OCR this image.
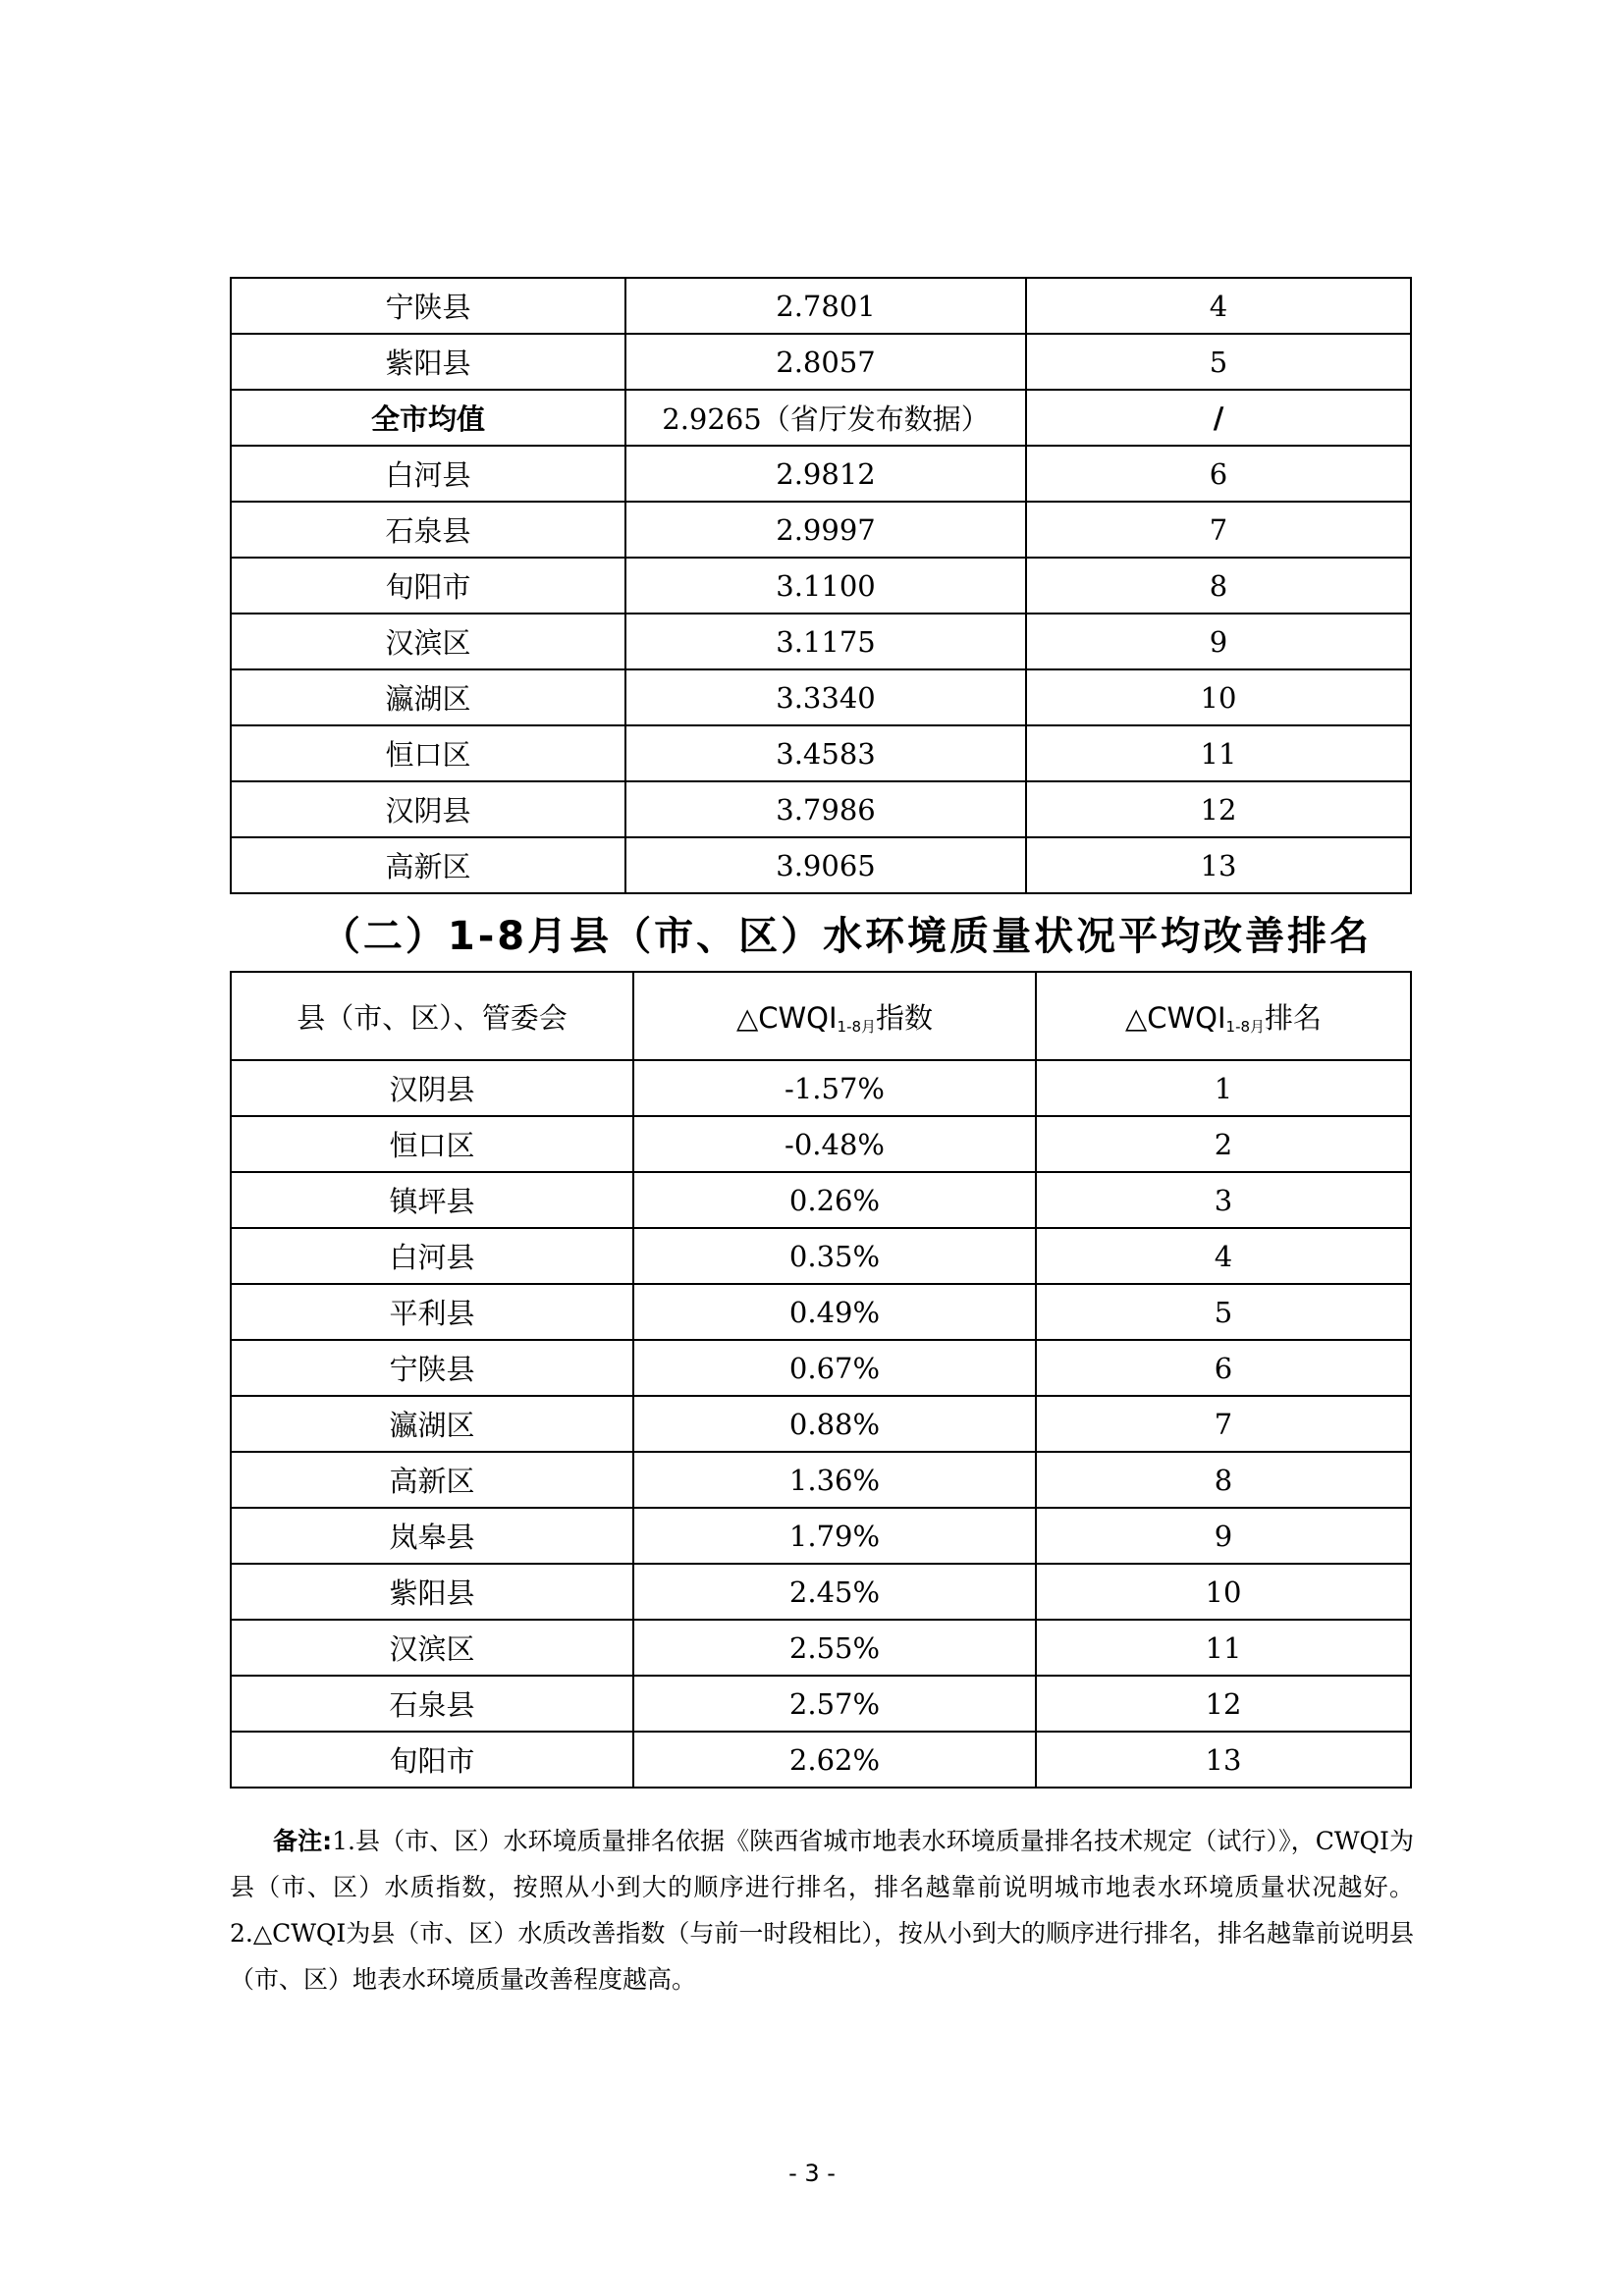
宁陕县	2.7801	4
紫阳县	2.8057	5
全市均值	2.9265（省厅发布数据）	/
白河县	2.9812	6
石泉县	2.9997	7
旬阳市	3.1100	8
汉滨区	3.1175	9
瀛湖区	3.3340	10
恒口区	3.4583	11
汉阴县	3.7986	12
高新区	3.9065	13
（二）1-8月县（市、区）水环境质量状况平均改善排名
县（市、区）、管委会	$\triangle CWQI_{1-8月}$指数	$\triangle CWQI_{1-8月}$排名
汉阴县	-1.57%	1
恒口区	-0.48%	2
镇坪县	0.26%	3
白河县	0.35%	4
平利县	0.49%	5
宁陕县	0.67%	6
瀛湖区	0.88%	7
高新区	1.36%	8
岚皋县	1.79%	9
紫阳县	2.45%	10
汉滨区	2.55%	11
石泉县	2.57%	12
旬阳市	2.62%	13
备注:1.县（市、区）水环境质量排名依据《陕西省城市地表水环境质量排名技术规定（试行）》，CWQI为县（市、区）水质指数，按照从小到大的顺序进行排名，排名越靠前说明城市地表水环境质量状况越好。2.△CWQI为县（市、区）水质改善指数（与前一时段相比），按从小到大的顺序进行排名，排名越靠前说明县（市、区）地表水环境质量改善程度越高。
- 3 -
